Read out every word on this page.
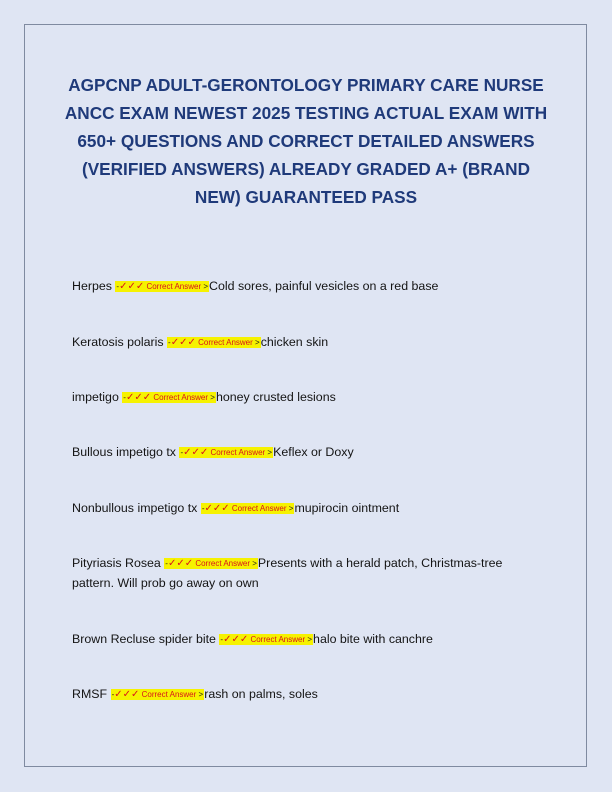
AGPCNP ADULT-GERONTOLOGY PRIMARY CARE NURSE ANCC EXAM NEWEST 2025 TESTING ACTUAL EXAM WITH 650+ QUESTIONS AND CORRECT DETAILED ANSWERS (VERIFIED ANSWERS) ALREADY GRADED A+ (BRAND NEW) GUARANTEED PASS
Herpes -✓✓✓ Correct Answer >Cold sores, painful vesicles on a red base
Keratosis polaris -✓✓✓ Correct Answer >chicken skin
impetigo -✓✓✓ Correct Answer >honey crusted lesions
Bullous impetigo tx -✓✓✓ Correct Answer >Keflex or Doxy
Nonbullous impetigo tx -✓✓✓ Correct Answer >mupirocin ointment
Pityriasis Rosea -✓✓✓ Correct Answer >Presents with a herald patch, Christmas-tree pattern. Will prob go away on own
Brown Recluse spider bite -✓✓✓ Correct Answer >halo bite with canchre
RMSF -✓✓✓ Correct Answer >rash on palms, soles
